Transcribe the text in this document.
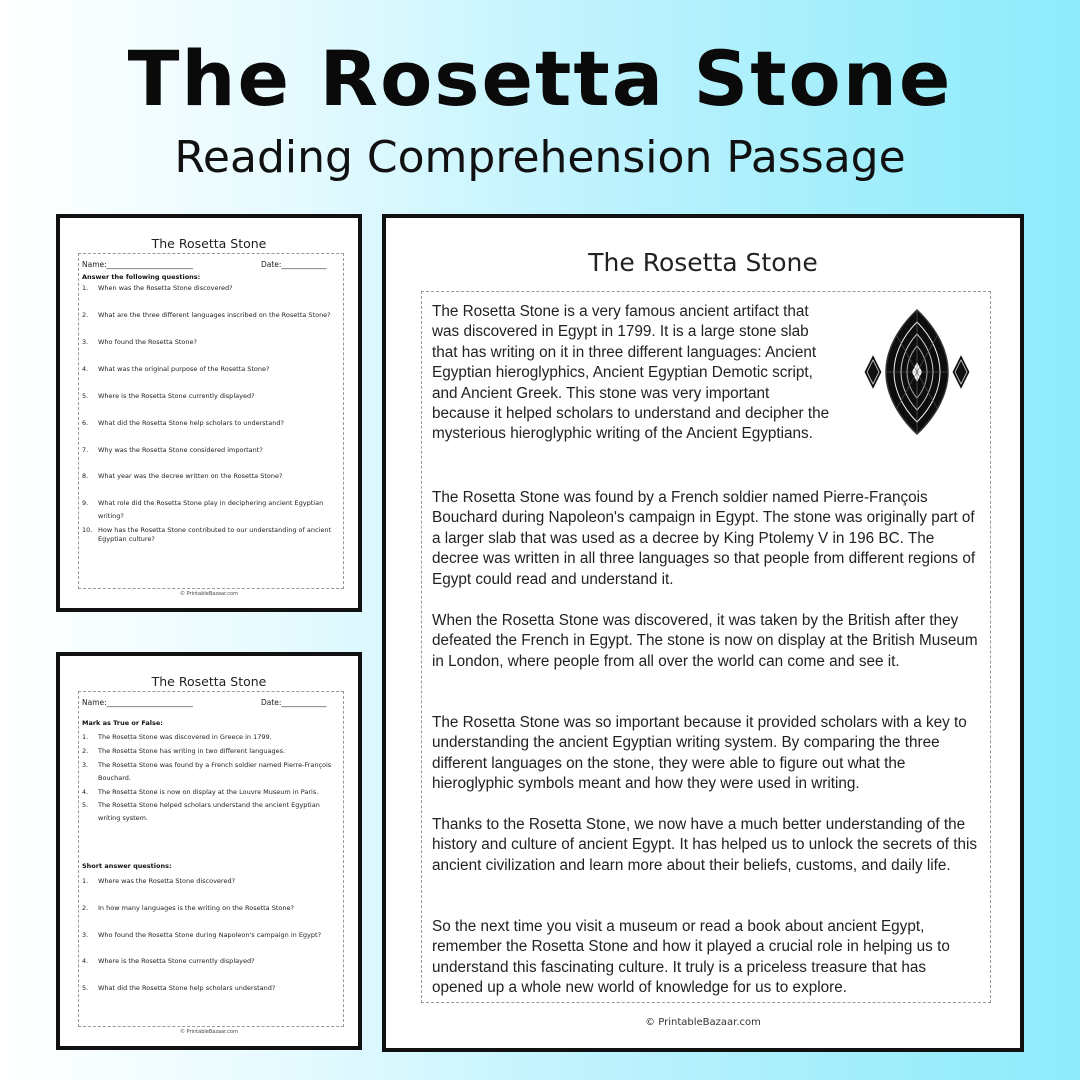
The Rosetta Stone
Reading Comprehension Passage
The Rosetta Stone
Name:_______________________	Date:____________
Answer the following questions:
1.	When was the Rosetta Stone discovered?
2.	What are the three different languages inscribed on the Rosetta Stone?
3.	Who found the Rosetta Stone?
4.	What was the original purpose of the Rosetta Stone?
5.	Where is the Rosetta Stone currently displayed?
6.	What did the Rosetta Stone help scholars to understand?
7.	Why was the Rosetta Stone considered important?
8.	What year was the decree written on the Rosetta Stone?
9.	What role did the Rosetta Stone play in deciphering ancient Egyptian writing?
10. How has the Rosetta Stone contributed to our understanding of ancient Egyptian culture?
© PrintableBazaar.com
The Rosetta Stone
Name:_______________________	Date:____________
Mark as True or False:
1.	The Rosetta Stone was discovered in Greece in 1799.
2.	The Rosetta Stone has writing in two different languages.
3.	The Rosetta Stone was found by a French soldier named Pierre-François Bouchard.
4.	The Rosetta Stone is now on display at the Louvre Museum in Paris.
5.	The Rosetta Stone helped scholars understand the ancient Egyptian writing system.
Short answer questions:
1.	Where was the Rosetta Stone discovered?
2.	In how many languages is the writing on the Rosetta Stone?
3.	Who found the Rosetta Stone during Napoleon's campaign in Egypt?
4.	Where is the Rosetta Stone currently displayed?
5.	What did the Rosetta Stone help scholars understand?
© PrintableBazaar.com
The Rosetta Stone
The Rosetta Stone is a very famous ancient artifact that was discovered in Egypt in 1799. It is a large stone slab that has writing on it in three different languages: Ancient Egyptian hieroglyphics, Ancient Egyptian Demotic script, and Ancient Greek. This stone was very important because it helped scholars to understand and decipher the mysterious hieroglyphic writing of the Ancient Egyptians.
The Rosetta Stone was found by a French soldier named Pierre-François Bouchard during Napoleon's campaign in Egypt. The stone was originally part of a larger slab that was used as a decree by King Ptolemy V in 196 BC. The decree was written in all three languages so that people from different regions of Egypt could read and understand it.
When the Rosetta Stone was discovered, it was taken by the British after they defeated the French in Egypt. The stone is now on display at the British Museum in London, where people from all over the world can come and see it.
The Rosetta Stone was so important because it provided scholars with a key to understanding the ancient Egyptian writing system. By comparing the three different languages on the stone, they were able to figure out what the hieroglyphic symbols meant and how they were used in writing.
Thanks to the Rosetta Stone, we now have a much better understanding of the history and culture of ancient Egypt. It has helped us to unlock the secrets of this ancient civilization and learn more about their beliefs, customs, and daily life.
So the next time you visit a museum or read a book about ancient Egypt, remember the Rosetta Stone and how it played a crucial role in helping us to understand this fascinating culture. It truly is a priceless treasure that has opened up a whole new world of knowledge for us to explore.
© PrintableBazaar.com
